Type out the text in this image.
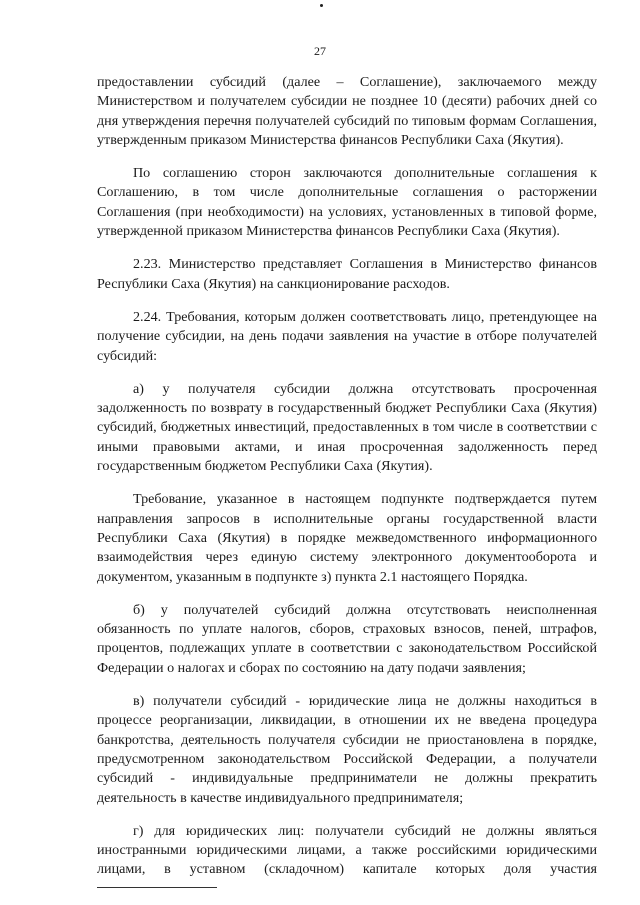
27

предоставлении субсидий (далее – Соглашение), заключаемого между Министерством и получателем субсидии не позднее 10 (десяти) рабочих дней со дня утверждения перечня получателей субсидий по типовым формам Соглашения, утвержденным приказом Министерства финансов Республики Саха (Якутия).

По соглашению сторон заключаются дополнительные соглашения к Соглашению, в том числе дополнительные соглашения о расторжении Соглашения (при необходимости) на условиях, установленных в типовой форме, утвержденной приказом Министерства финансов Республики Саха (Якутия).

2.23. Министерство представляет Соглашения в Министерство финансов Республики Саха (Якутия) на санкционирование расходов.

2.24. Требования, которым должен соответствовать лицо, претендующее на получение субсидии, на день подачи заявления на участие в отборе получателей субсидий:

а) у получателя субсидии должна отсутствовать просроченная задолженность по возврату в государственный бюджет Республики Саха (Якутия) субсидий, бюджетных инвестиций, предоставленных в том числе в соответствии с иными правовыми актами, и иная просроченная задолженность перед государственным бюджетом Республики Саха (Якутия).

Требование, указанное в настоящем подпункте подтверждается путем направления запросов в исполнительные органы государственной власти Республики Саха (Якутия) в порядке межведомственного информационного взаимодействия через единую систему электронного документооборота и документом, указанным в подпункте з) пункта 2.1 настоящего Порядка.

б) у получателей субсидий должна отсутствовать неисполненная обязанность по уплате налогов, сборов, страховых взносов, пеней, штрафов, процентов, подлежащих уплате в соответствии с законодательством Российской Федерации о налогах и сборах по состоянию на дату подачи заявления;

в) получатели субсидий - юридические лица не должны находиться в процессе реорганизации, ликвидации, в отношении их не введена процедура банкротства, деятельность получателя субсидии не приостановлена в порядке, предусмотренном законодательством Российской Федерации, а получатели субсидий - индивидуальные предприниматели не должны прекратить деятельность в качестве индивидуального предпринимателя;

г) для юридических лиц: получатели субсидий не должны являться иностранными юридическими лицами, а также российскими юридическими лицами, в уставном (складочном) капитале которых доля участия
